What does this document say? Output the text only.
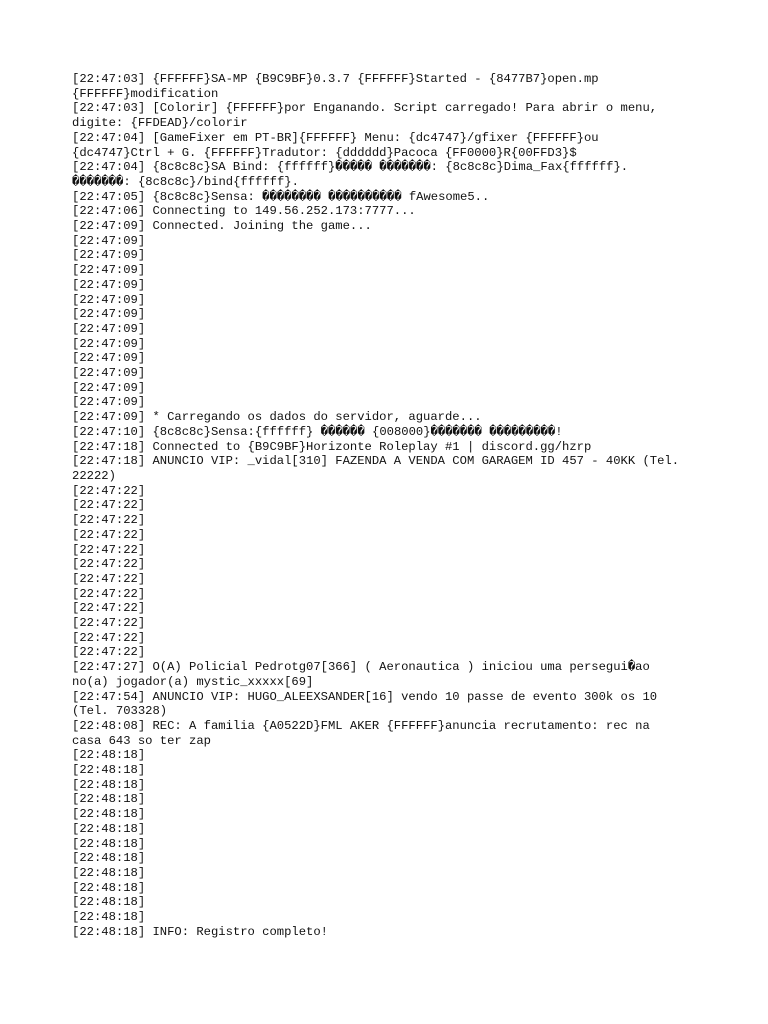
[22:47:03] {FFFFFF}SA-MP {B9C9BF}0.3.7 {FFFFFF}Started - {8477B7}open.mp
{FFFFFF}modification
[22:47:03] [Colorir] {FFFFFF}por Enganando. Script carregado! Para abrir o menu,
digite: {FFDEAD}/colorir
[22:47:04] [GameFixer em PT-BR]{FFFFFF} Menu: {dc4747}/gfixer {FFFFFF}ou
{dc4747}Ctrl + G. {FFFFFF}Tradutor: {dddddd}Pacoca {FF0000}R{00FFD3}$
[22:47:04] {8c8c8c}SA Bind: {ffffff}����� �������: {8c8c8c}Dima_Fax{ffffff}.
�������: {8c8c8c}/bind{ffffff}.
[22:47:05] {8c8c8c}Sensa: �������� ���������� fAwesome5..
[22:47:06] Connecting to 149.56.252.173:7777...
[22:47:09] Connected. Joining the game...
[22:47:09]
[22:47:09]
[22:47:09]
[22:47:09]
[22:47:09]
[22:47:09]
[22:47:09]
[22:47:09]
[22:47:09]
[22:47:09]
[22:47:09]
[22:47:09]
[22:47:09] * Carregando os dados do servidor, aguarde...
[22:47:10] {8c8c8c}Sensa:{ffffff} ������ {008000}������� ���������!
[22:47:18] Connected to {B9C9BF}Horizonte Roleplay #1 | discord.gg/hzrp
[22:47:18] ANUNCIO VIP: _vidal[310] FAZENDA A VENDA COM GARAGEM ID 457 - 40KK (Tel.
22222)
[22:47:22]
[22:47:22]
[22:47:22]
[22:47:22]
[22:47:22]
[22:47:22]
[22:47:22]
[22:47:22]
[22:47:22]
[22:47:22]
[22:47:22]
[22:47:22]
[22:47:27] O(A) Policial Pedrotg07[366] ( Aeronautica ) iniciou uma persegui�ao
no(a) jogador(a) mystic_xxxxx[69]
[22:47:54] ANUNCIO VIP: HUGO_ALEEXSANDER[16] vendo 10 passe de evento 300k os 10
(Tel. 703328)
[22:48:08] REC: A familia {A0522D}FML AKER {FFFFFF}anuncia recrutamento: rec na
casa 643 so ter zap
[22:48:18]
[22:48:18]
[22:48:18]
[22:48:18]
[22:48:18]
[22:48:18]
[22:48:18]
[22:48:18]
[22:48:18]
[22:48:18]
[22:48:18]
[22:48:18]
[22:48:18] INFO: Registro completo!
